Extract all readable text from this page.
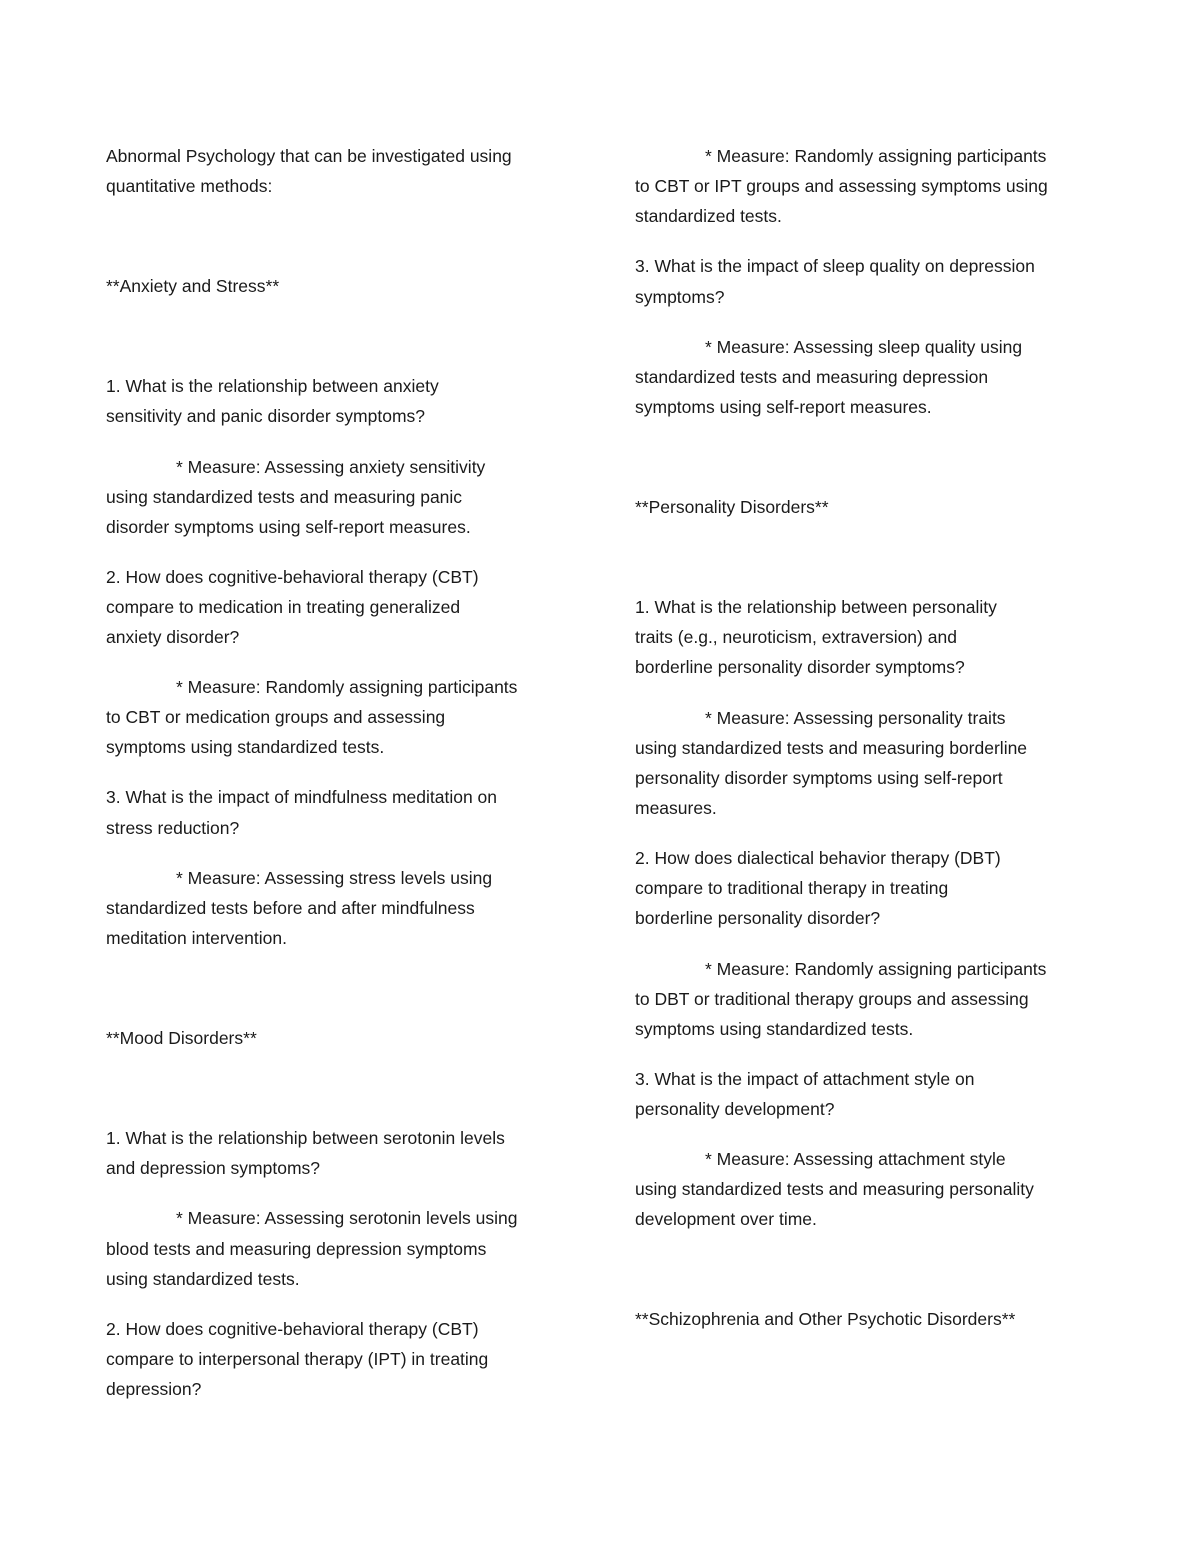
Abnormal Psychology that can be investigated using
quantitative methods:
**Anxiety and Stress**
1. What is the relationship between anxiety
sensitivity and panic disorder symptoms?
* Measure: Assessing anxiety sensitivity
using standardized tests and measuring panic
disorder symptoms using self-report measures.
2. How does cognitive-behavioral therapy (CBT)
compare to medication in treating generalized
anxiety disorder?
* Measure: Randomly assigning participants
to CBT or medication groups and assessing
symptoms using standardized tests.
3. What is the impact of mindfulness meditation on
stress reduction?
* Measure: Assessing stress levels using
standardized tests before and after mindfulness
meditation intervention.
**Mood Disorders**
1. What is the relationship between serotonin levels
and depression symptoms?
* Measure: Assessing serotonin levels using
blood tests and measuring depression symptoms
using standardized tests.
2. How does cognitive-behavioral therapy (CBT)
compare to interpersonal therapy (IPT) in treating
depression?
* Measure: Randomly assigning participants
to CBT or IPT groups and assessing symptoms using
standardized tests.
3. What is the impact of sleep quality on depression
symptoms?
* Measure: Assessing sleep quality using
standardized tests and measuring depression
symptoms using self-report measures.
**Personality Disorders**
1. What is the relationship between personality
traits (e.g., neuroticism, extraversion) and
borderline personality disorder symptoms?
* Measure: Assessing personality traits
using standardized tests and measuring borderline
personality disorder symptoms using self-report
measures.
2. How does dialectical behavior therapy (DBT)
compare to traditional therapy in treating
borderline personality disorder?
* Measure: Randomly assigning participants
to DBT or traditional therapy groups and assessing
symptoms using standardized tests.
3. What is the impact of attachment style on
personality development?
* Measure: Assessing attachment style
using standardized tests and measuring personality
development over time.
**Schizophrenia and Other Psychotic Disorders**
